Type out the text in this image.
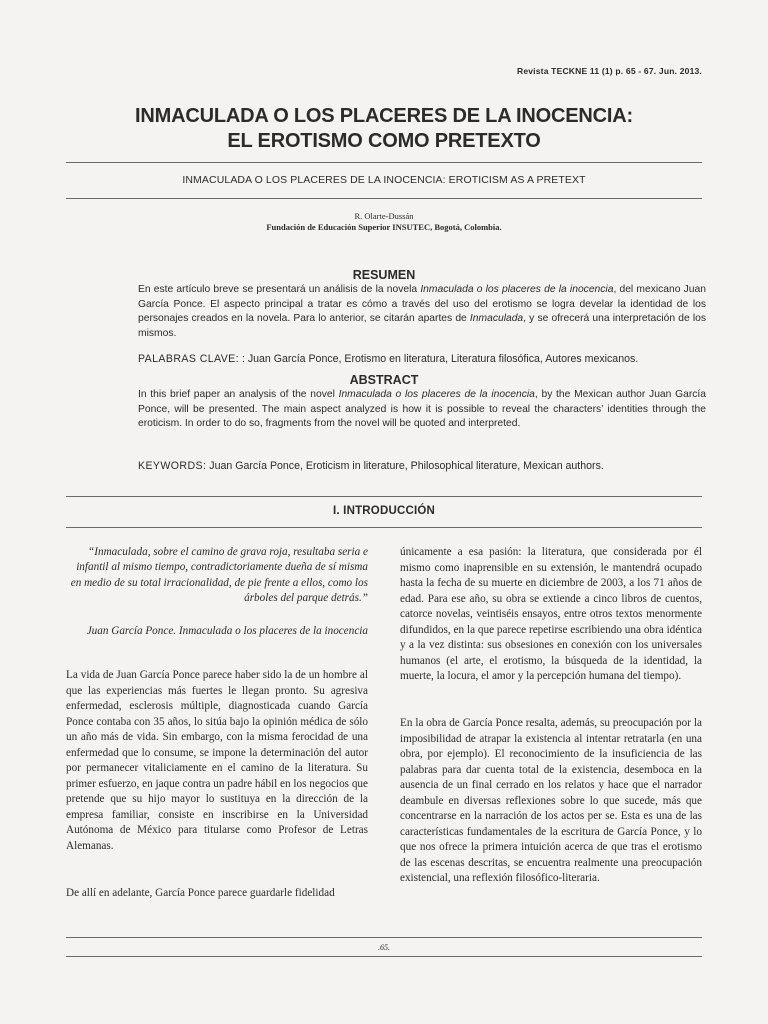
Revista TECKNE 11 (1) p. 65 - 67. Jun. 2013.
INMACULADA O LOS PLACERES DE LA INOCENCIA:
EL EROTISMO COMO PRETEXTO
INMACULADA O LOS PLACERES DE LA INOCENCIA: EROTICISM AS A PRETEXT
R. Olarte-Dussán
Fundación de Educación Superior INSUTEC, Bogotá, Colombia.
RESUMEN
En este artículo breve se presentará un análisis de la novela Inmaculada o los placeres de la inocencia, del mexicano Juan García Ponce. El aspecto principal a tratar es cómo a través del uso del erotismo se logra develar la identidad de los personajes creados en la novela. Para lo anterior, se citarán apartes de Inmaculada, y se ofrecerá una interpretación de los mismos.
PALABRAS CLAVE: : Juan García Ponce, Erotismo en literatura, Literatura filosófica, Autores mexicanos.
ABSTRACT
In this brief paper an analysis of the novel Inmaculada o los placeres de la inocencia, by the Mexican author Juan García Ponce, will be presented. The main aspect analyzed is how it is possible to reveal the characters’ identities through the eroticism. In order to do so, fragments from the novel will be quoted and interpreted.
KEYWORDS: Juan García Ponce, Eroticism in literature, Philosophical literature, Mexican authors.
I. INTRODUCCIÓN
“Inmaculada, sobre el camino de grava roja, resultaba seria e infantil al mismo tiempo, contradictoriamente dueña de sí misma en medio de su total irracionalidad, de pie frente a ellos, como los árboles del parque detrás.”
Juan García Ponce. Inmaculada o los placeres de la inocencia
La vida de Juan García Ponce parece haber sido la de un hombre al que las experiencias más fuertes le llegan pronto. Su agresiva enfermedad, esclerosis múltiple, diagnosticada cuando García Ponce contaba con 35 años, lo sitúa bajo la opinión médica de sólo un año más de vida. Sin embargo, con la misma ferocidad de una enfermedad que lo consume, se impone la determinación del autor por permanecer vitaliciamente en el camino de la literatura. Su primer esfuerzo, en jaque contra un padre hábil en los negocios que pretende que su hijo mayor lo sustituya en la dirección de la empresa familiar, consiste en inscribirse en la Universidad Autónoma de México para titularse como Profesor de Letras Alemanas.
De allí en adelante, García Ponce parece guardarle fidelidad
únicamente a esa pasión: la literatura, que considerada por él mismo como inaprensible en su extensión, le mantendrá ocupado hasta la fecha de su muerte en diciembre de 2003, a los 71 años de edad. Para ese año, su obra se extiende a cinco libros de cuentos, catorce novelas, veintiséis ensayos, entre otros textos menormente difundidos, en la que parece repetirse escribiendo una obra idéntica y a la vez distinta: sus obsesiones en conexión con los universales humanos (el arte, el erotismo, la búsqueda de la identidad, la muerte, la locura, el amor y la percepción humana del tiempo).
En la obra de García Ponce resalta, además, su preocupación por la imposibilidad de atrapar la existencia al intentar retratarla (en una obra, por ejemplo). El reconocimiento de la insuficiencia de las palabras para dar cuenta total de la existencia, desemboca en la ausencia de un final cerrado en los relatos y hace que el narrador deambule en diversas reflexiones sobre lo que sucede, más que concentrarse en la narración de los actos per se. Esta es una de las características fundamentales de la escritura de García Ponce, y lo que nos ofrece la primera intuición acerca de que tras el erotismo de las escenas descritas, se encuentra realmente una preocupación existencial, una reflexión filosófico-literaria.
.65.
